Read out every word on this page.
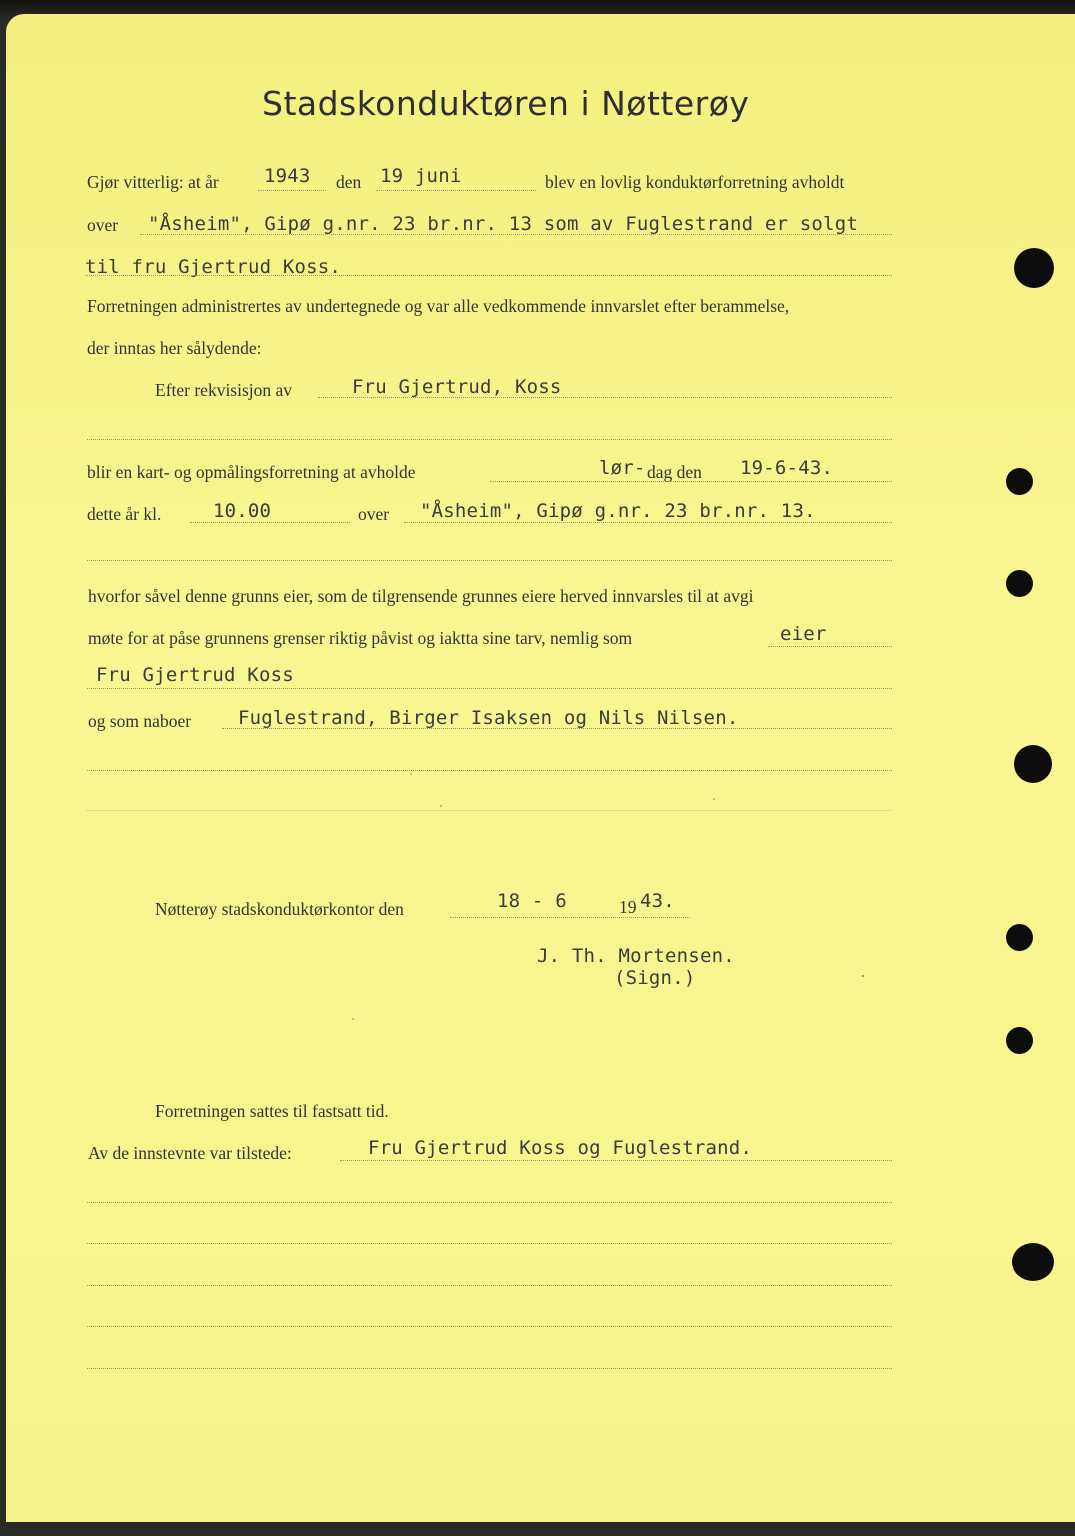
Stadskonduktøren i Nøtterøy
Gjør vitterlig: at år 1943 den 19 juni	blev en lovlig konduktørforretning avholdt
over "Åsheim", Gipø g.nr. 23 br.nr. 13 som av Fuglestrand er solgt
til fru Gjertrud Koss.
Forretningen administrertes av undertegnede og var alle vedkommende innvarslet efter berammelse,
der inntas her sålydende:
Efter rekvisisjon av	Fru Gjertrud, Koss
blir en kart- og opmålingsforretning at avholde	lør- dag den 19-6-43.
dette år kl.	10.00	over "Åsheim", Gipø g.nr. 23 br.nr. 13.
hvorfor såvel denne grunns eier, som de tilgrensende grunnes eiere herved innvarsles til at avgi
møte for at påse grunnens grenser riktig påvist og iaktta sine tarv, nemlig som	eier
Fru Gjertrud Koss
og som naboer Fuglestrand, Birger Isaksen og Nils Nilsen.
Nøtterøy stadskonduktørkontor den	18 - 6	19 43.
J. Th. Mortensen.
(Sign.)
Forretningen sattes til fastsatt tid.
Av de innstevnte var tilstede:	Fru Gjertrud Koss og Fuglestrand.
